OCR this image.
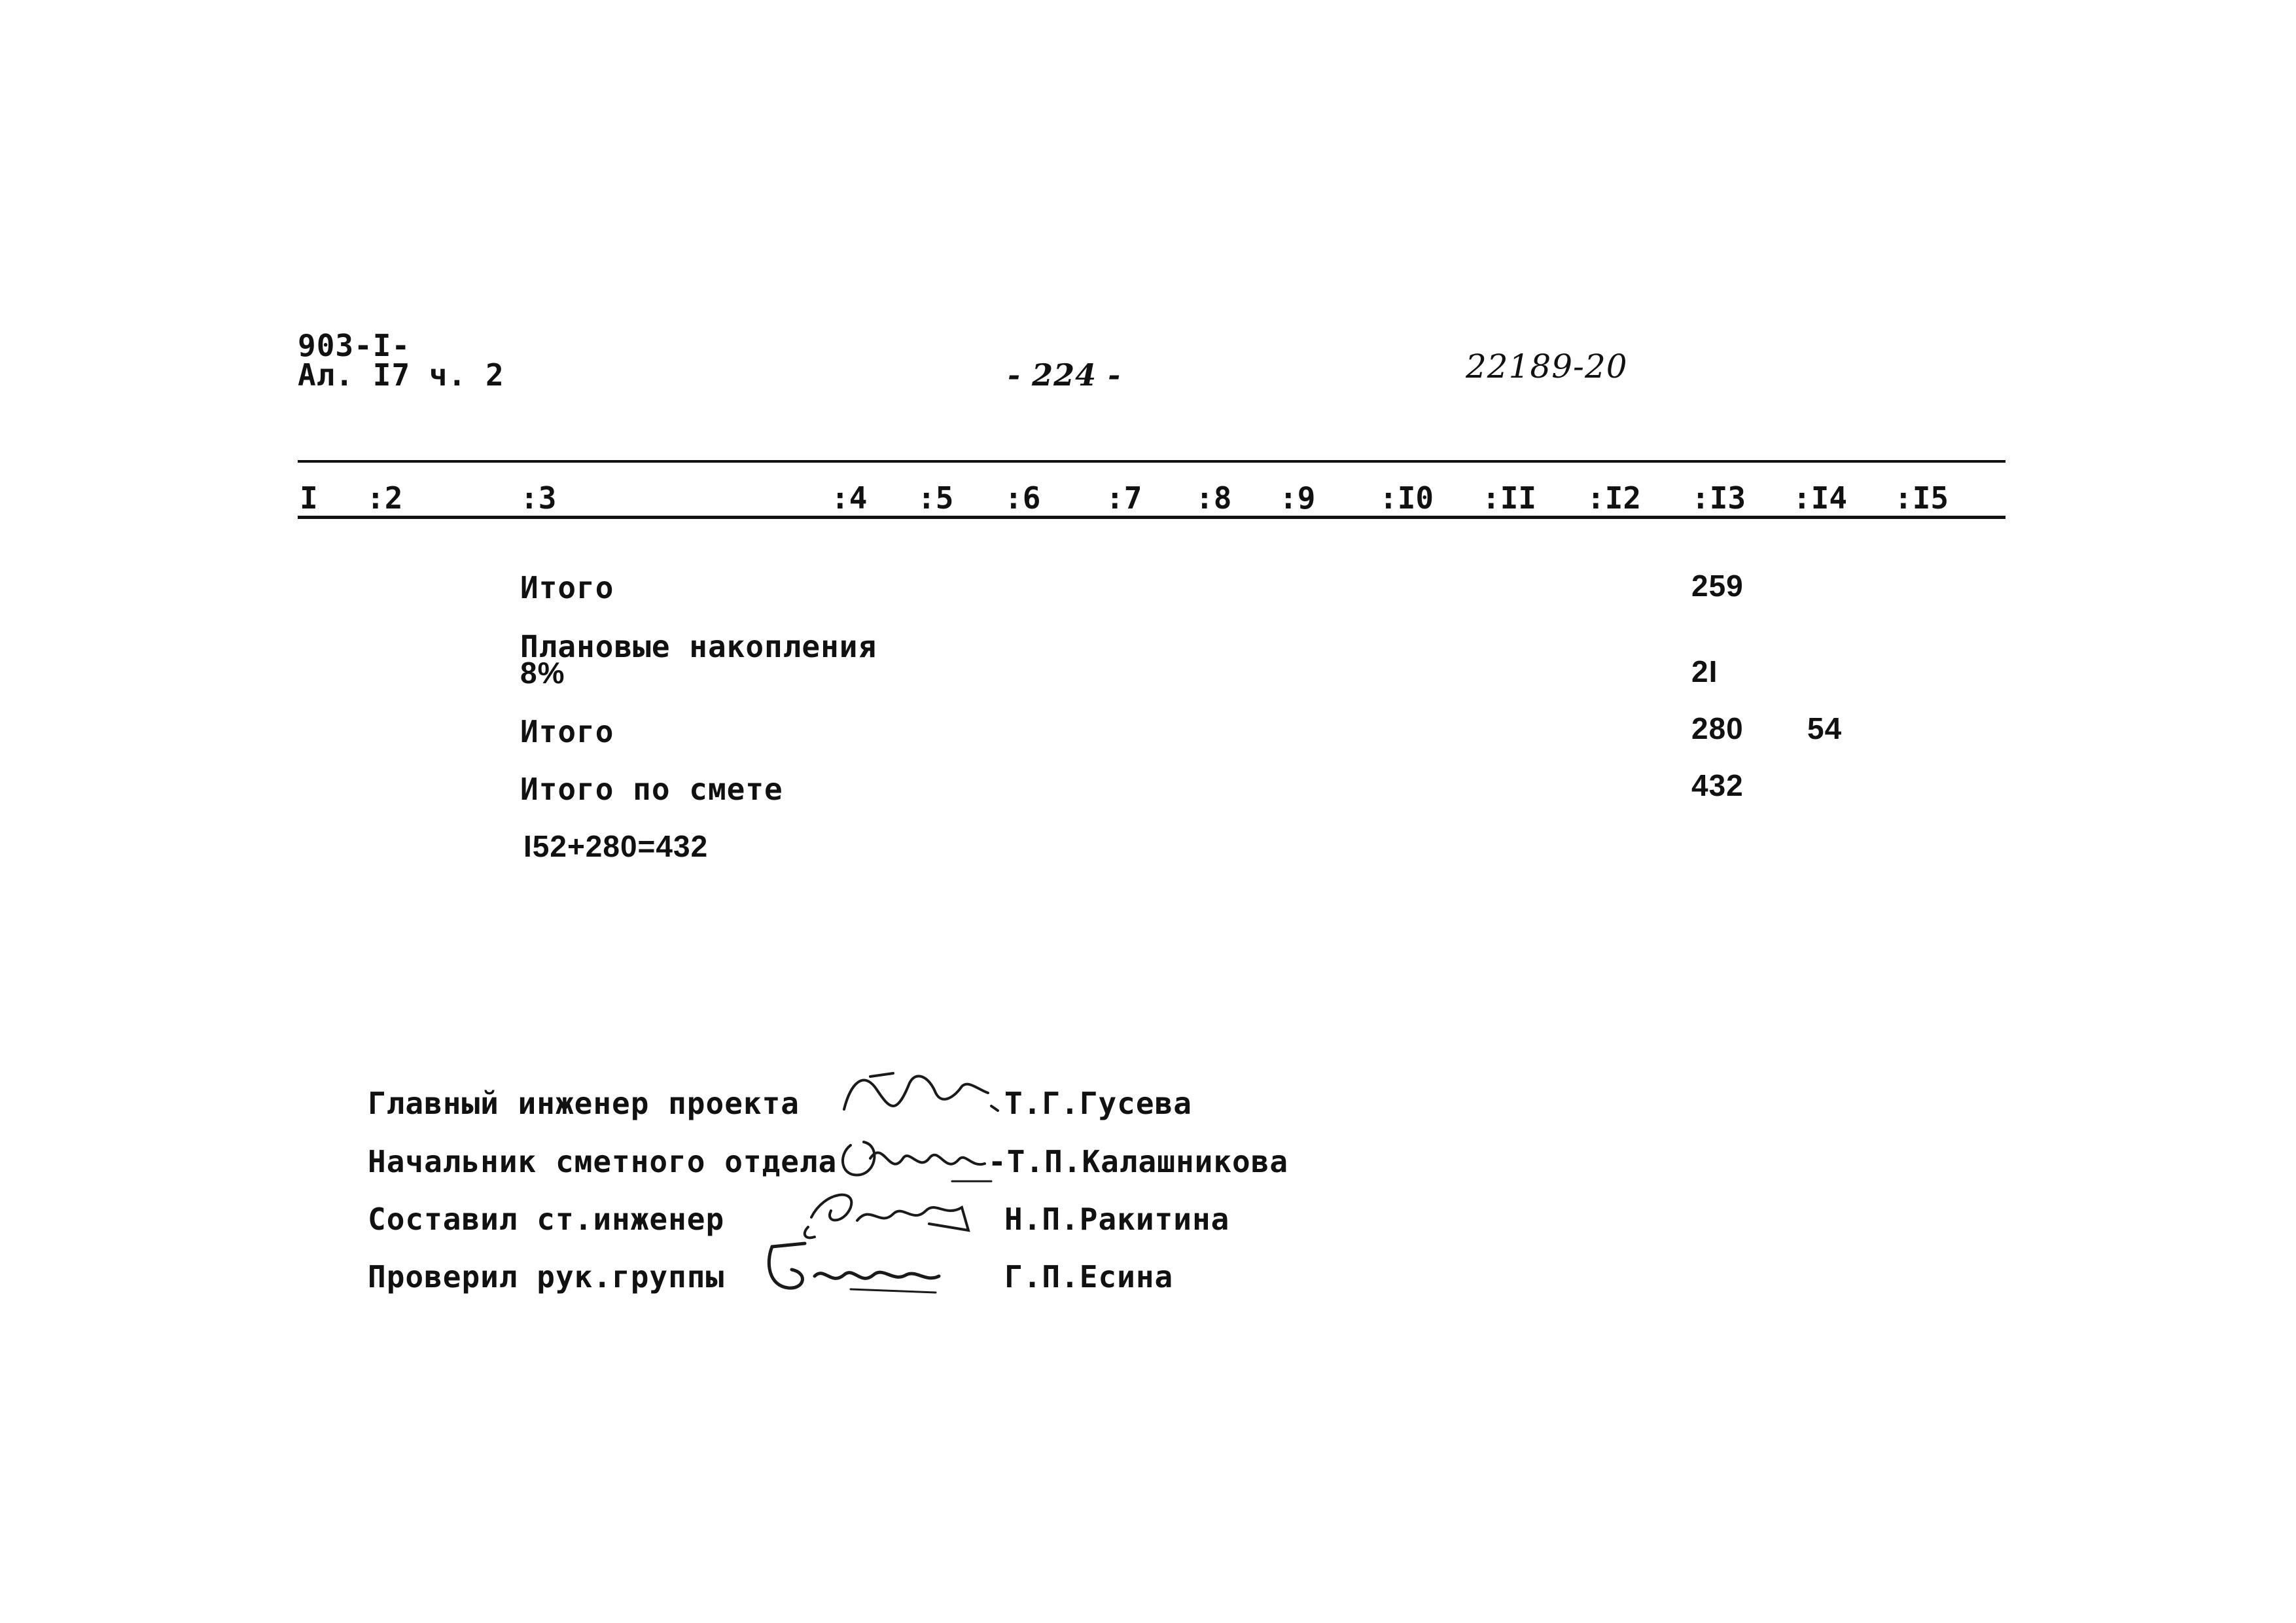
903-I-
Ал. I7 ч. 2	- 224 -	22189-20
I :2	:3	:4 :5 :6 :7 :8 :9 :I0 :II :I2 :I3 :I4 :I5
Итого	259
Плановые накопления
8%	2I
Итого	280 54
Итого по смете	432
I52+280=432
Главный инженер проекта	Т.Г.Гусева
Начальник сметного отдела	-Т.П.Калашникова
Составил ст.инженер	Н.П.Ракитина
Проверил рук.группы	Г.П.Есина
